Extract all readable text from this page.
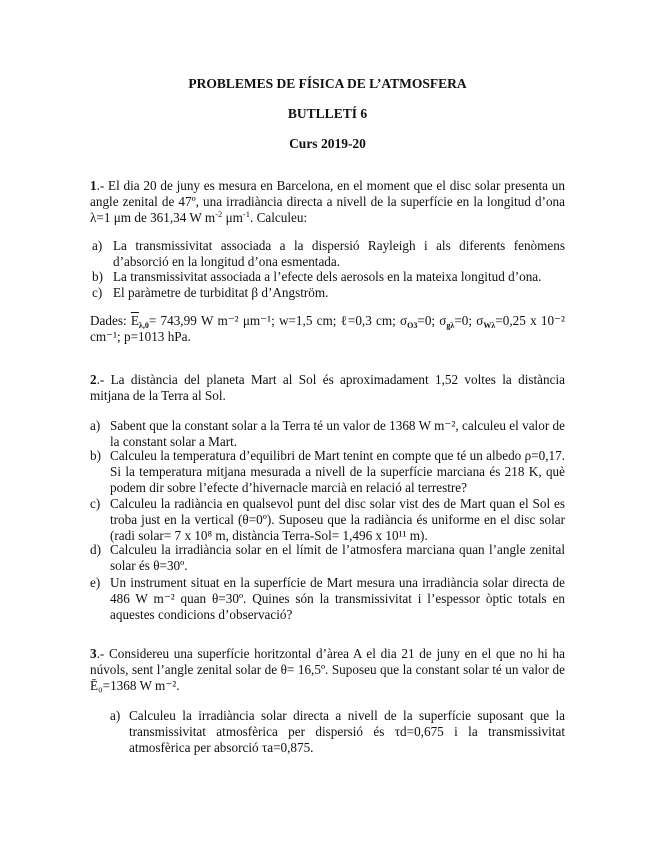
PROBLEMES DE FÍSICA DE L’ATMOSFERA
BUTLLETÍ 6
Curs 2019-20

1.- El dia 20 de juny es mesura en Barcelona, en el moment que el disc solar presenta un angle zenital de 47º, una irradiància directa a nivell de la superfície en la longitud d’ona λ=1 μm de 361,34 W $m^{-2}$ $\mu m^{-1}$. Calculeu:

a) La transmissivitat associada a la dispersió Rayleigh i als diferents fenòmens d’absorció en la longitud d’ona esmentada.
b) La transmissivitat associada a l’efecte dels aerosols en la mateixa longitud d’ona.
c) El paràmetre de turbiditat β d’Angström.

Dades: $\overline{E}_{\lambda,0}= 743,99$ W m⁻² μm⁻¹; w=1,5 cm; ℓ=0,3 cm; $\sigma_{O3}=0$; $\sigma_{g\lambda}=0$; $\sigma_{W\lambda}=0,25$ x 10⁻² cm⁻¹; p=1013 hPa.

2.- La distància del planeta Mart al Sol és aproximadament 1,52 voltes la distància mitjana de la Terra al Sol.

a) Sabent que la constant solar a la Terra té un valor de 1368 W m⁻², calculeu el valor de la constant solar a Mart.
b) Calculeu la temperatura d’equilibri de Mart tenint en compte que té un albedo ρ=0,17. Si la temperatura mitjana mesurada a nivell de la superfície marciana és 218 K, què podem dir sobre l’efecte d’hivernacle marcià en relació al terrestre?
c) Calculeu la radiància en qualsevol punt del disc solar vist des de Mart quan el Sol es troba just en la vertical (θ=0º). Suposeu que la radiància és uniforme en el disc solar (radi solar= 7 x 10⁸ m, distància Terra-Sol= 1,496 x 10¹¹ m).
d) Calculeu la irradiància solar en el límit de l’atmosfera marciana quan l’angle zenital solar és θ=30º.
e) Un instrument situat en la superfície de Mart mesura una irradiància solar directa de 486 W m⁻² quan θ=30º. Quines són la transmissivitat i l’espessor òptic totals en aquestes condicions d’observació?

3.- Considereu una superfície horitzontal d’àrea A el dia 21 de juny en el que no hi ha núvols, sent l’angle zenital solar de θ= 16,5º. Suposeu que la constant solar té un valor de Ē₀=1368 W m⁻².

a) Calculeu la irradiància solar directa a nivell de la superfície suposant que la transmissivitat atmosfèrica per dispersió és τd=0,675 i la transmissivitat atmosfèrica per absorció τa=0,875.
